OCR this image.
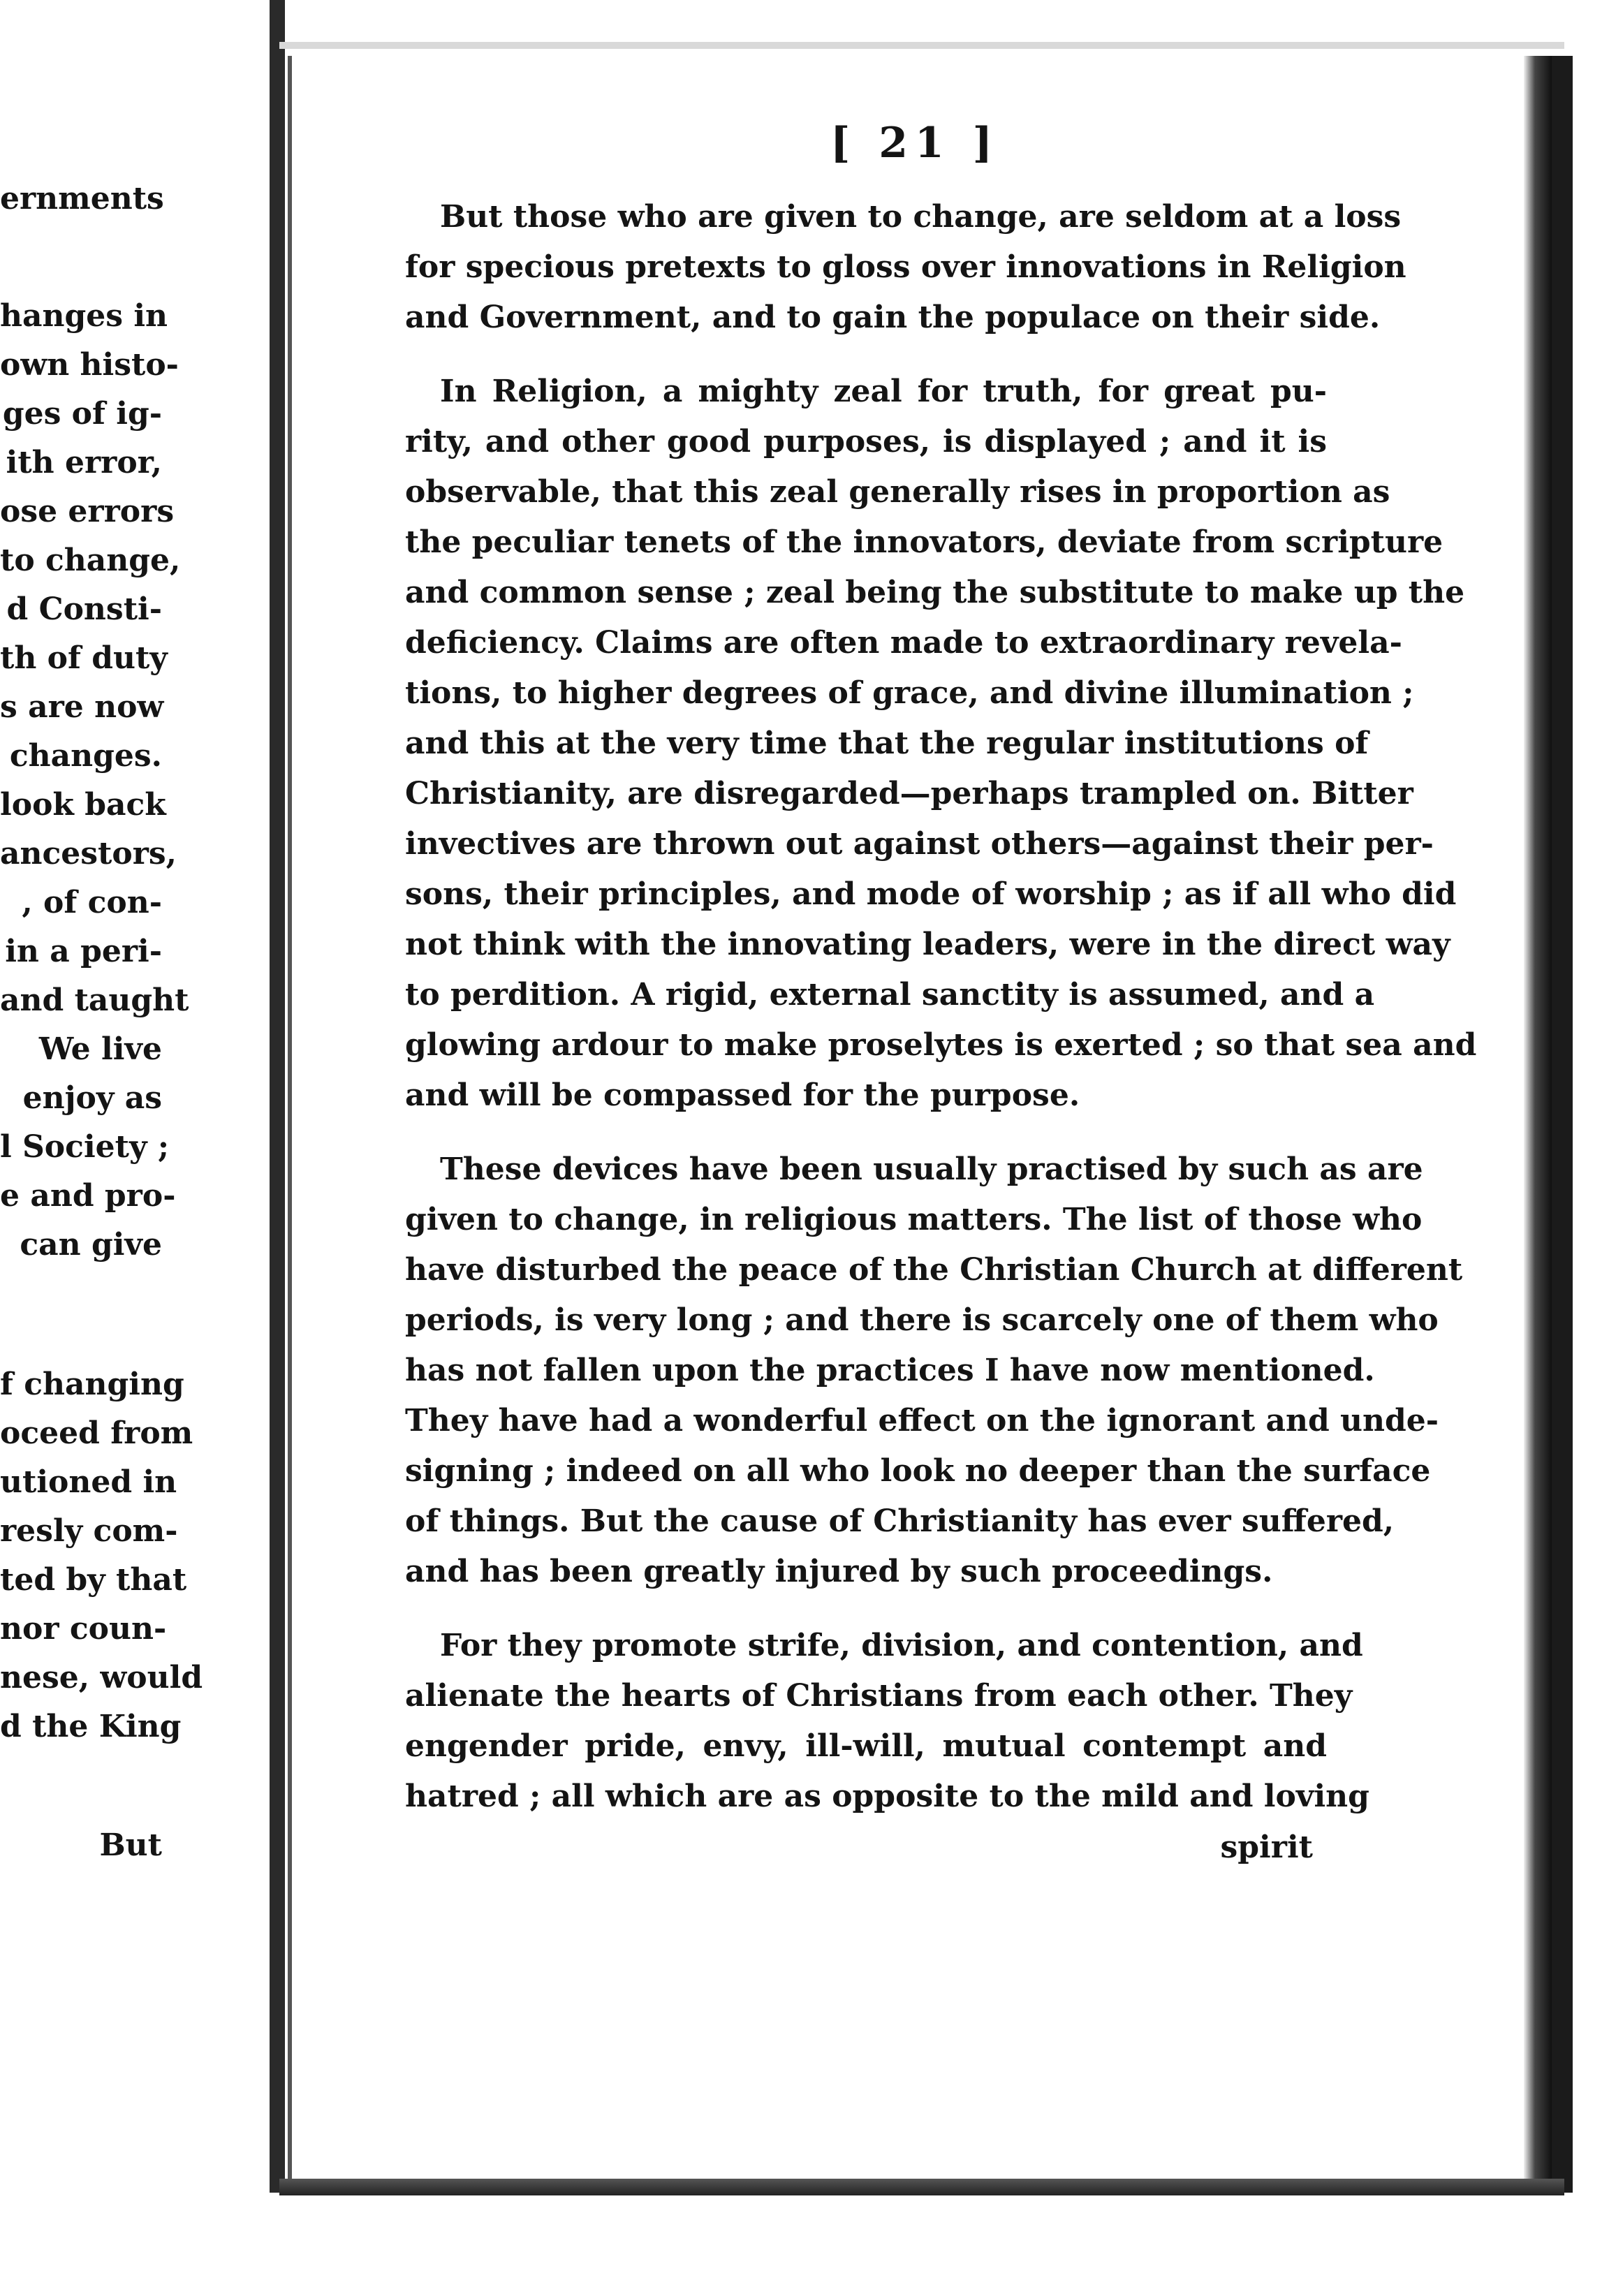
ernments
hanges in
own histo-
ges of ig-
ith error,
ose errors
to change,
d Consti-
th of duty
s are now
changes.
look back
ancestors,
, of con-
in a peri-
and taught
We live
enjoy as
l Society ;
e and pro-
can give
f changing
oceed from
utioned in
resly com-
ted by that
nor coun-
nese, would
d the King
But
[ 21 ]
But those who are given to change, are seldom at a loss
for specious pretexts to gloss over innovations in Religion
and Government, and to gain the populace on their side.
In Religion, a mighty zeal for truth, for great pu-
rity, and other good purposes, is displayed ; and it is
observable, that this zeal generally rises in proportion as
the peculiar tenets of the innovators, deviate from scripture
and common sense ; zeal being the substitute to make up the
deficiency. Claims are often made to extraordinary revela-
tions, to higher degrees of grace, and divine illumination ;
and this at the very time that the regular institutions of
Christianity, are disregarded—perhaps trampled on. Bitter
invectives are thrown out against others—against their per-
sons, their principles, and mode of worship ; as if all who did
not think with the innovating leaders, were in the direct way
to perdition. A rigid, external sanctity is assumed, and a
glowing ardour to make proselytes is exerted ; so that sea and
and will be compassed for the purpose.
These devices have been usually practised by such as are
given to change, in religious matters. The list of those who
have disturbed the peace of the Christian Church at different
periods, is very long ; and there is scarcely one of them who
has not fallen upon the practices I have now mentioned.
They have had a wonderful effect on the ignorant and unde-
signing ; indeed on all who look no deeper than the surface
of things. But the cause of Christianity has ever suffered,
and has been greatly injured by such proceedings.
For they promote strife, division, and contention, and
alienate the hearts of Christians from each other. They
engender pride, envy, ill-will, mutual contempt and
hatred ; all which are as opposite to the mild and loving
spirit
